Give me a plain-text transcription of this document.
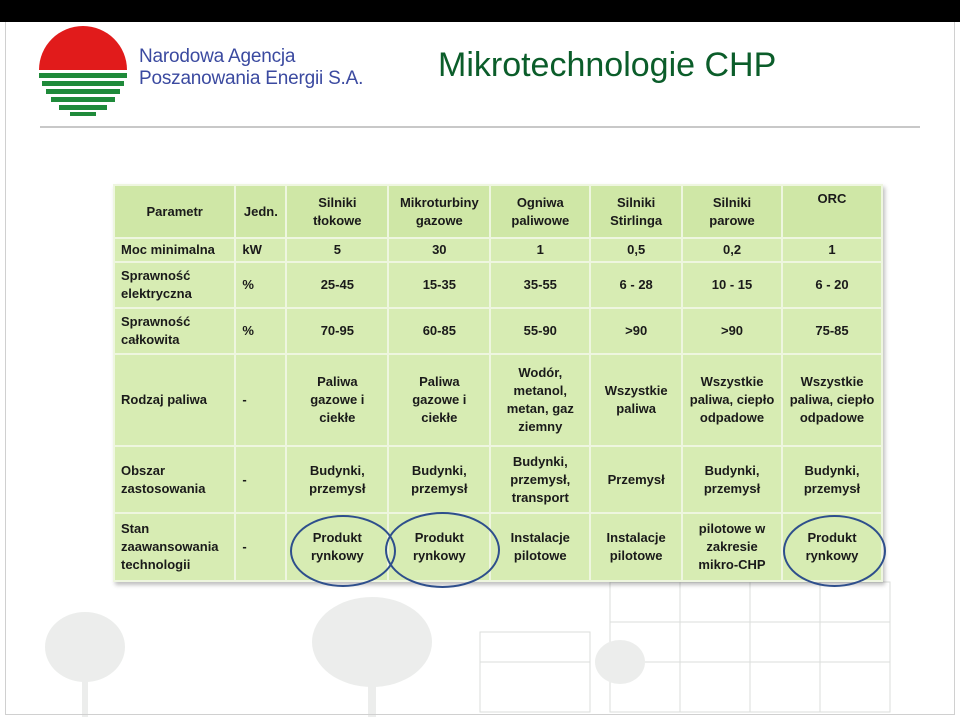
Narodowa Agencja
Poszanowania Energii S.A. Mikrotechnologie CHP
Parametr	Jedn.	Silniki tłokowe	Mikroturbiny gazowe	Ogniwa paliwowe	Silniki Stirlinga	Silniki parowe	ORC
Moc minimalna	kW	5	30	1	0,5	0,2	1
Sprawność elektryczna	%	25-45	15-35	35-55	6 - 28	10 - 15	6 - 20
Sprawność całkowita	%	70-95	60-85	55-90	>90	>90	75-85
Rodzaj paliwa	-	Paliwa gazowe i ciekłe	Paliwa gazowe i ciekłe	Wodór, metanol, metan, gaz ziemny	Wszystkie paliwa	Wszystkie paliwa, ciepło odpadowe	Wszystkie paliwa, ciepło odpadowe
Obszar zastosowania	-	Budynki, przemysł	Budynki, przemysł	Budynki, przemysł, transport	Przemysł	Budynki, przemysł	Budynki, przemysł
Stan zaawansowania technologii	-	Produkt rynkowy	Produkt rynkowy	Instalacje pilotowe	Instalacje pilotowe	pilotowe w zakresie mikro-CHP	Produkt rynkowy
